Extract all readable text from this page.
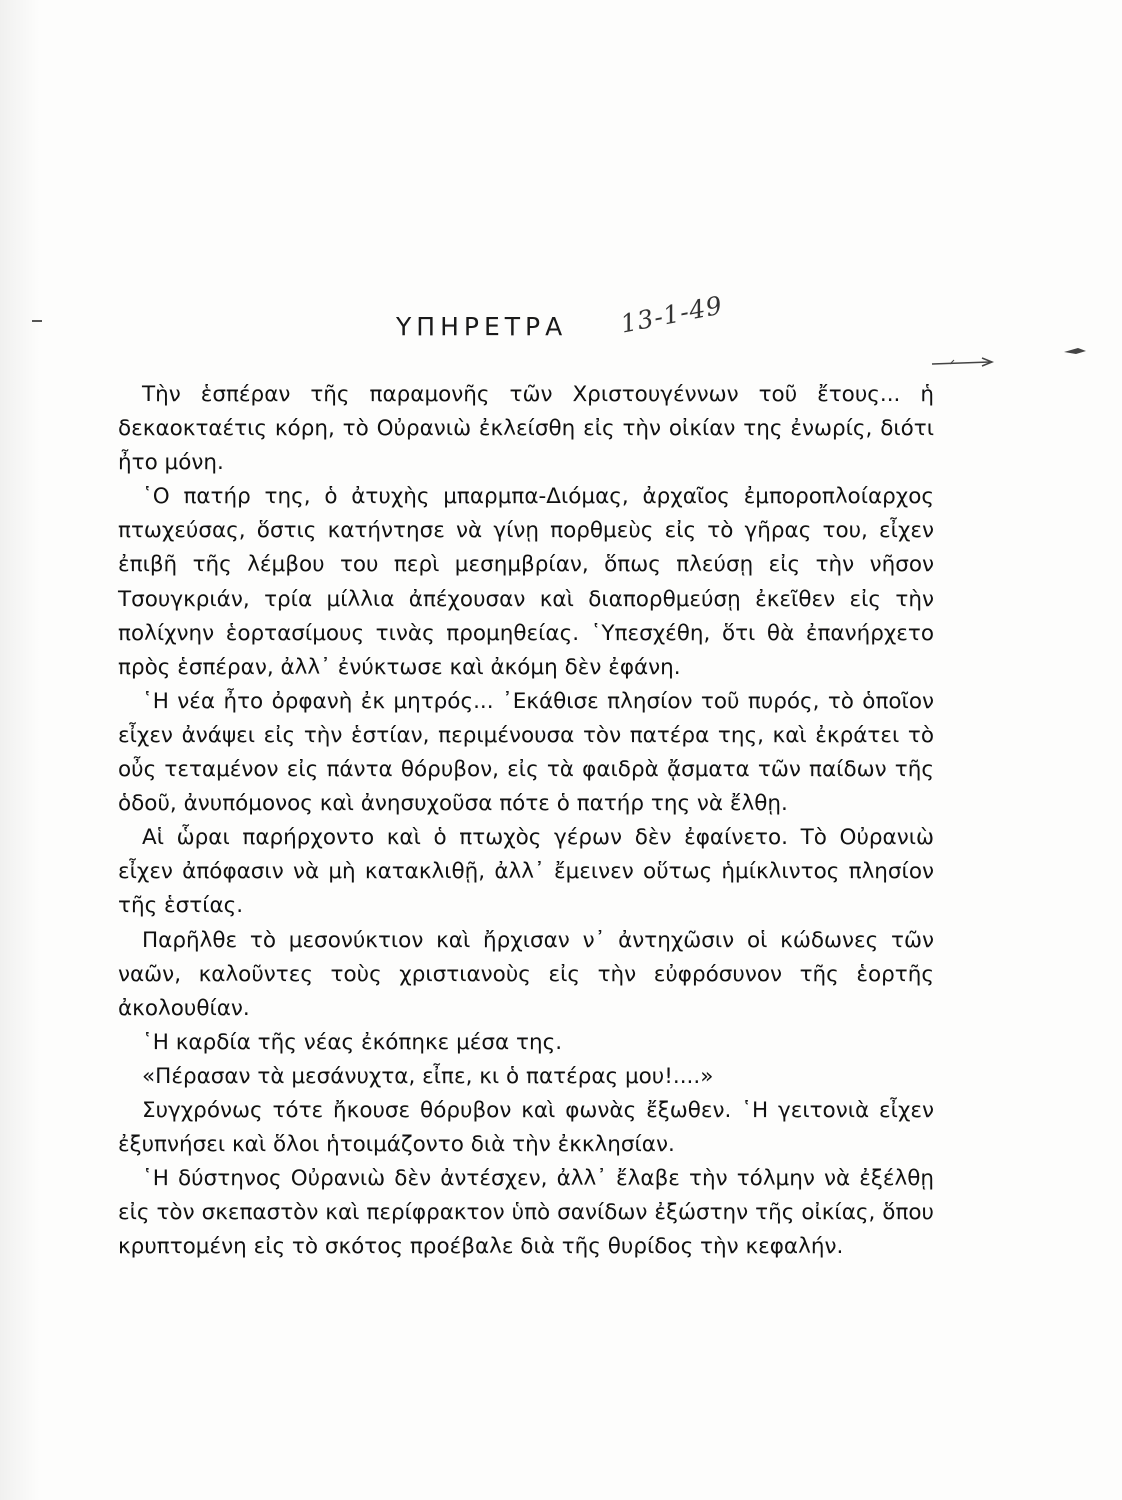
ΥΠΗΡΕΤΡΑ 13-1-49

Τὴν ἑσπέραν τῆς παραμονῆς τῶν Χριστουγέννων τοῦ ἔτους... ἡ δεκαοκταέτις κόρη, τὸ Οὐρανιὼ ἐκλείσθη εἰς τὴν οἰκίαν της ἐνωρίς, διότι ἦτο μόνη.

῾Ο πατήρ της, ὁ ἀτυχὴς μπαρμπα-Διόμας, ἀρχαῖος ἐμποροπλοίαρχος πτωχεύσας, ὅστις κατήντησε νὰ γίνῃ πορθμεὺς εἰς τὸ γῆρας του, εἶχεν ἐπιβῆ τῆς λέμβου του περὶ μεσημβρίαν, ὅπως πλεύσῃ εἰς τὴν νῆσον Τσουγκριάν, τρία μίλλια ἀπέχουσαν καὶ διαπορθμεύσῃ ἐκεῖθεν εἰς τὴν πολίχνην ἑορτασίμους τινὰς προμηθείας. ῾Υπεσχέθη, ὅτι θὰ ἐπανήρχετο πρὸς ἑσπέραν, ἀλλ᾿ ἐνύκτωσε καὶ ἀκόμη δὲν ἐφάνη.

῾Η νέα ἦτο ὀρφανὴ ἐκ μητρός... ᾿Εκάθισε πλησίον τοῦ πυρός, τὸ ὁποῖον εἶχεν ἀνάψει εἰς τὴν ἑστίαν, περιμένουσα τὸν πατέρα της, καὶ ἐκράτει τὸ οὖς τεταμένον εἰς πάντα θόρυβον, εἰς τὰ φαιδρὰ ᾄσματα τῶν παίδων τῆς ὁδοῦ, ἀνυπόμονος καὶ ἀνησυχοῦσα πότε ὁ πατήρ της νὰ ἔλθῃ.

Αἱ ὧραι παρήρχοντο καὶ ὁ πτωχὸς γέρων δὲν ἐφαίνετο. Τὸ Οὐρανιὼ εἶχεν ἀπόφασιν νὰ μὴ κατακλιθῇ, ἀλλ᾿ ἔμεινεν οὕτως ἡμίκλιντος πλησίον τῆς ἑστίας.

Παρῆλθε τὸ μεσονύκτιον καὶ ἤρχισαν ν᾿ ἀντηχῶσιν οἱ κώδωνες τῶν ναῶν, καλοῦντες τοὺς χριστιανοὺς εἰς τὴν εὐφρόσυνον τῆς ἑορτῆς ἀκολουθίαν.

῾Η καρδία τῆς νέας ἐκόπηκε μέσα της.

«Πέρασαν τὰ μεσάνυχτα, εἶπε, κι ὁ πατέρας μου!....»

Συγχρόνως τότε ἤκουσε θόρυβον καὶ φωνὰς ἔξωθεν. ῾Η γειτονιὰ εἶχεν ἐξυπνήσει καὶ ὅλοι ἡτοιμάζοντο διὰ τὴν ἐκκλησίαν.

῾Η δύστηνος Οὐρανιὼ δὲν ἀντέσχεν, ἀλλ᾿ ἔλαβε τὴν τόλμην νὰ ἐξέλθῃ εἰς τὸν σκεπαστὸν καὶ περίφρακτον ὑπὸ σανίδων ἐξώστην τῆς οἰκίας, ὅπου κρυπτομένη εἰς τὸ σκότος προέβαλε διὰ τῆς θυρίδος τὴν κεφαλήν.
